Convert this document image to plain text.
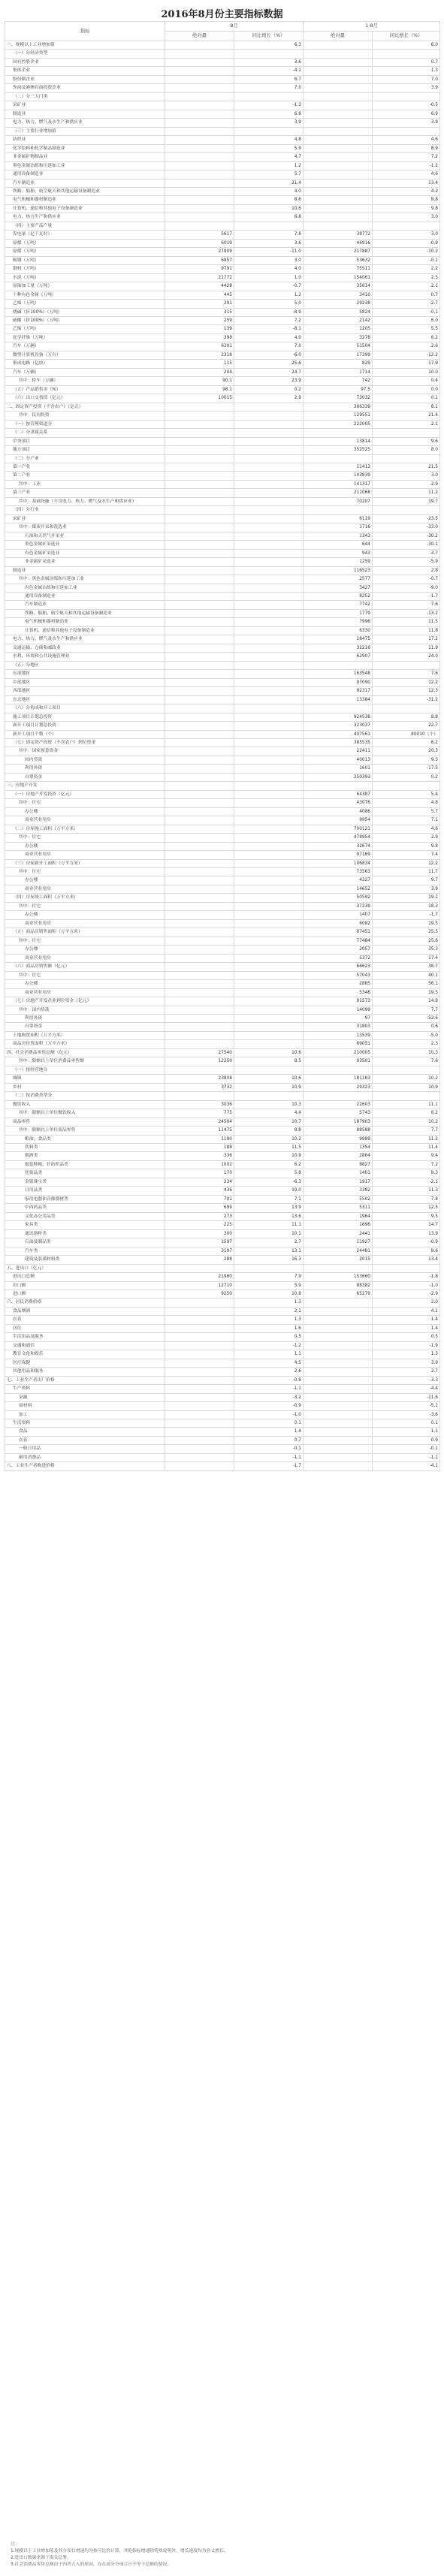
2016年8月份主要指标数据
指标	8月		1-8月	
	绝对量	同比增长（%）	绝对量	同比增长（%）
一、规模以上工业增加值		6.3		6.0
（一）分经济类型				
国有控股企业		3.6		0.7
集体企业		-4.1		1.3
股份制企业		6.7		7.0
外商及港澳台商投资企业		7.0		3.9
（二）分三大门类				
采矿业		-1.3		-0.5
制造业		6.8		6.9
电力、热力、燃气及水生产和供应业		3.9		3.9
（三）主要行业增加值				
纺织业		4.8		4.6
化学原料和化学制品制造业		5.9		8.9
非金属矿物制品业		4.7		7.2
黑色金属冶炼和压延加工业		1.2		-1.2
通用设备制造业		5.7		4.6
汽车制造业		21.4		13.4
铁路、船舶、航空航天和其他运输设备制造业		4.0		4.2
电气机械和器材制造业		8.6		8.8
计算机、通信和其他电子设备制造业		10.6		9.8
电力、热力生产和供应业		6.8		3.0
（四）主要产品产量				
发电量（亿千瓦时）	5617	7.8	38772	3.0
原煤（万吨）	6019	3.6	46916	-0.9
原煤（万吨）	27809	-11.0	217887	-10.2
粗钢（万吨）	6857	3.0	53632	-0.1
钢材（万吨）	9791	4.0	75511	2.2
水泥（万吨）	21772	1.0	154061	2.5
原油加工量（万吨）	4428	-0.7	35614	2.1
十种有色金属（万吨）	445	1.2	3410	0.7
乙烯（万吨）	391	5.0	29238	-2.7
烧碱（折100%）（万吨）	315	-8.9	5824	-0.1
硫酸（折100%）（万吨）	259	7.2	2142	6.0
乙烯（万吨）	139	-8.1	1205	5.5
化学纤维（万吨）	398	4.0	3278	6.2
汽车（万辆）	6301	7.0	51504	2.6
微型计算机设备（万台）	2318	-6.0	17399	-12.2
集成电路（亿块）	115	25.6	829	17.9
汽车（万辆）	204	24.7	1714	10.0
其中：轿车（万辆）	90.1	23.9	742	0.4
（五）产品销售率（%）	98.1	0.2	97.5	0.0
（六）出口交货值（亿元）	10015	2.9	73032	0.1
二、固定资产投资（不含农户）（亿元）			366339	8.1
其中：民间投资			129551	21.4
（一）按管理渠道分			222005	2.1
（二）分隶属关系				
中央项目			13814	9.6
地方项目			352525	8.0
（三）分产业				
第一产业			11413	21.5
第二产业			143839	3.0
其中：工业			141317	2.9
第三产业			211068	11.2
其中：基础设施（不含电力、热力、燃气及水生产和供应业）			70207	19.7
（四）分行业				
采矿业			6119	-23.5
其中：煤炭开采和洗选业			1716	-33.0
石油和天然气开采业			1343	-30.2
黑色金属矿采选业			644	-30.1
有色金属矿采选业			943	-3.7
非金属矿采选业			1259	-5.9
制造业			116523	2.8
其中：黑色金属冶炼和压延加工业			2577	-0.7
有色金属冶炼和压延加工业			3427	-9.0
通用设备制造业			8252	-1.7
汽车制造业			7742	7.6
铁路、船舶、航空航天和其他运输设备制造业			1779	-13.2
电气机械和器材制造业			7996	11.5
计算机、通信和其他电子设备制造业			6330	11.8
电力、热力、燃气及水生产和供应业			18475	17.2
交通运输、仓储和邮政业			32216	11.9
水利、环境和公共设施管理业			62907	24.0
（五）分地区				
东部地区			163548	7.6
中部地区			97090	12.2
西部地区			92317	12.3
东北地区			13384	-31.2
（六）分构成和开工项目				
施工项目计划总投资			924538	8.8
新开工项目计划总投资			323037	22.7
新开工项目个数（个）			407561	80010（个）
（七）固定资产投资（不含农户）到位资金			385535	6.2
其中：国家预算资金			22411	20.3
国内贷款			40013	9.3
利用外资			1601	-17.5
自筹资金			250393	0.2
三、房地产开发				
（一）房地产开发投资（亿元）			64387	5.4
其中：住宅			43076	4.8
办公楼			4086	5.7
商业营业用房			9954	7.1
（二）房屋施工面积（万平方米）			700121	4.6
其中：住宅			478954	2.9
办公楼			32674	9.8
商业营业用房			97169	7.4
（三）房屋新开工面积（万平方米）			106834	12.2
其中：住宅			73563	11.7
办公楼			4327	9.7
商业营业用房			14652	3.9
（四）房屋竣工面积（万平方米）			50592	19.1
其中：住宅			37239	18.2
办公楼			1407	-1.7
商业营业用房			6082	19.5
（五）商品房销售面积（万平方米）			87451	25.5
其中：住宅			77484	25.6
办公楼			2057	35.3
商业营业用房			5372	17.4
（六）商品房销售额（亿元）			66623	38.7
其中：住宅			57043	40.1
办公楼			2885	56.1
商业营业用房			5346	19.5
（七）房地产开发企业到位资金（亿元）			91573	14.8
其中：国内贷款			14099	7.7
利用外资			97	-52.6
自筹资金			31803	0.6
土地购置面积（万平方米）			13539	-5.0
商品房待售面积（万平方米）			69051	2.3
四、社会消费品零售总额（亿元）	27540	10.6	210005	10.3
其中：限额以上单位消费品零售额	12250	8.5	93501	7.6
（一）按经营地分				
城镇	23808	10.6	181183	10.2
乡村	3732	10.9	29323	10.9
（二）按消费类型分				
餐饮收入	3036	10.3	22603	11.1
其中：限额以上单位餐饮收入	775	4.4	5743	6.2
商品零售	24504	10.7	187903	10.2
其中：限额以上单位商品零售	11475	8.8	88588	7.7
粮油、食品类	1190	10.2	9989	11.2
饮料类	188	11.5	1354	11.4
烟酒类	336	10.9	2864	9.4
服装鞋帽、针纺织品类	1002	6.2	8827	7.2
化妆品类	170	5.8	1401	8.3
金银珠宝类	234	-6.3	1917	-2.1
日用品类	436	10.0	3382	11.3
家用电器和音像器材类	701	7.1	5502	7.8
中西药品类	699	13.9	5311	12.5
文化办公用品类	273	13.6	1964	9.5
家具类	225	11.1	1696	14.7
通讯器材类	300	10.1	2441	13.9
石油及制品类	1597	2.7	11927	-0.9
汽车类	3197	13.1	24481	8.6
建筑及装潢材料类	288	16.3	2015	13.4
五、进出口（亿元）				
进出口总额	21960	7.9	153660	-1.8
出口额	12710	5.9	88382	-1.0
进口额	9250	10.8	65279	-2.9
六、居民消费价格		1.3		2.0
食品烟酒		2.1		4.1
衣着		1.3		1.4
居住		1.6		1.4
生活用品及服务		0.5		0.5
交通和通信		-1.2		-1.9
教育文化和娱乐		1.1		1.3
医疗保健		4.5		3.9
其他用品和服务		2.6		2.7
七、工业生产者出厂价格		-0.8		-3.3
生产资料		-1.1		-4.4
采掘		-3.2		-11.6
原材料		-0.9		-5.1
加工		-1.0		-3.6
生活资料		0.1		0.1
食品		1.4		1.1
衣着		0.7		0.9
一般日用品		-0.1		-0.1
耐用消费品		-1.1		-1.1
八、工业生产者购进价格		-1.7		-4.1
注：
1.规模以上工业增加值及其分项目增速均为按可比价计算，其他指标增速除特殊说明外，增长速度均为名义增长。
2.进出口数据来源于海关总署。
3.社会消费品零售总额由于四舍五入的原因，存在部分分项合计不等于总额的情况。
